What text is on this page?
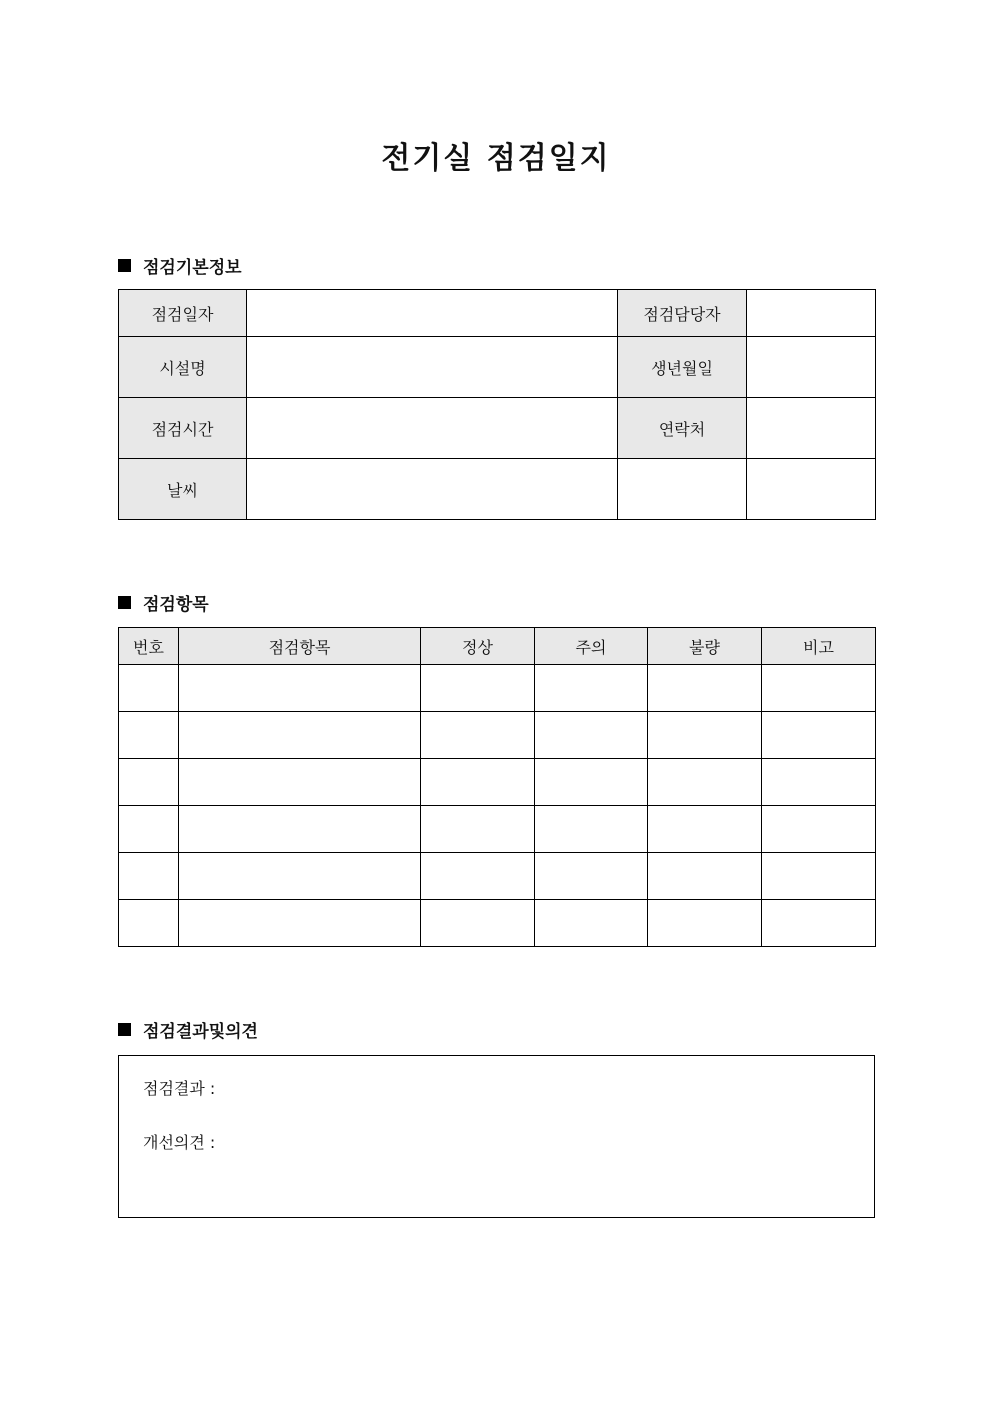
전기실 점검일지
점검기본정보
점검일자		점검담당자	
시설명		생년월일	
점검시간		연락처	
날씨			
점검항목
번호	점검항목	정상	주의	불량	비고

점검결과및의견
점검결과 :
개선의견 :
